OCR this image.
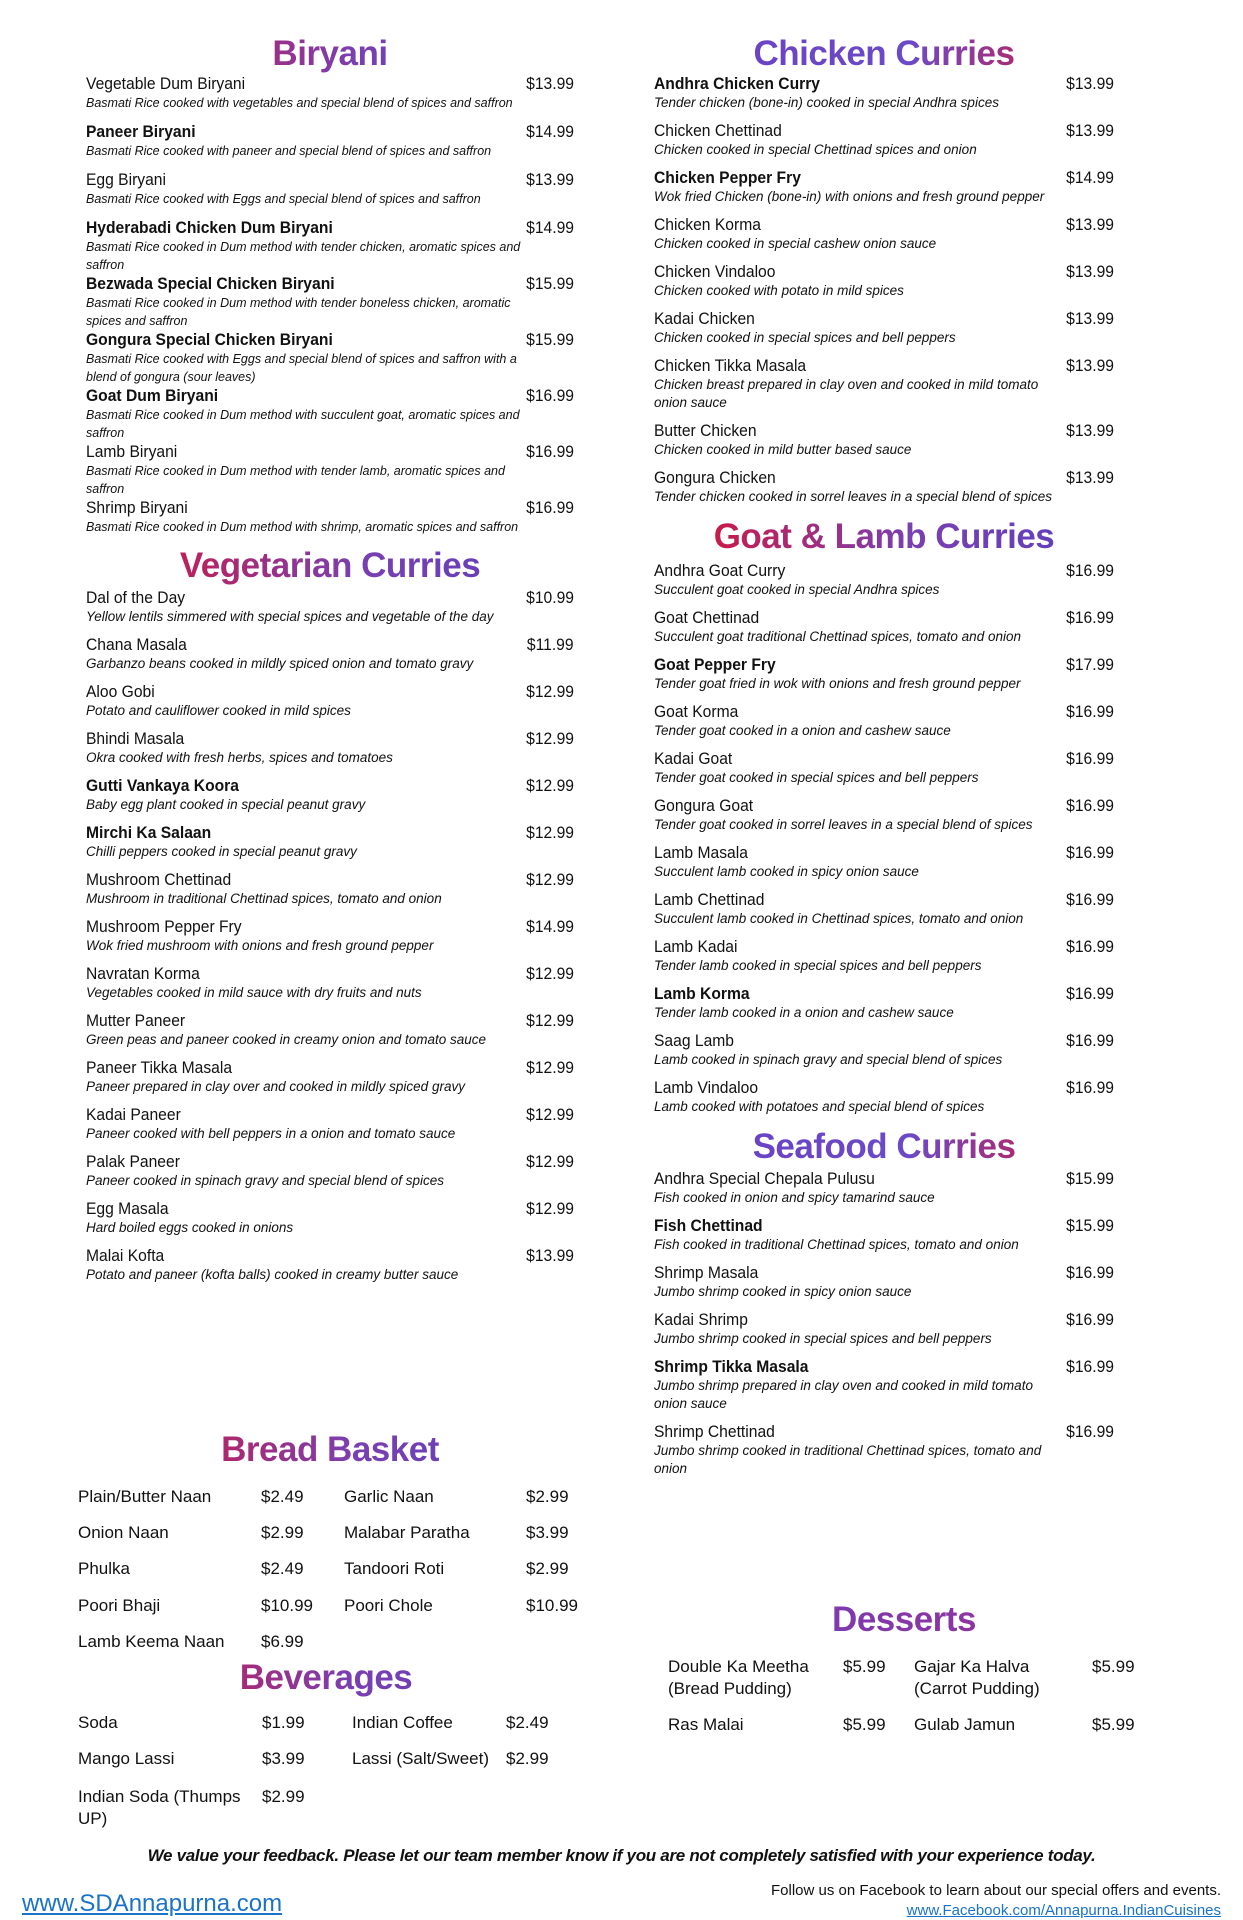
Biryani
Vegetable Dum Biryani
Basmati Rice cooked with vegetables and special blend of spices and saffron
$13.99
Paneer Biryani
Basmati Rice cooked with paneer and special blend of spices and saffron
$14.99
Egg Biryani
Basmati Rice cooked with Eggs and special blend of spices and saffron
$13.99
Hyderabadi Chicken Dum Biryani
Basmati Rice cooked in Dum method with tender chicken, aromatic spices and saffron
$14.99
Bezwada Special Chicken Biryani
Basmati Rice cooked in Dum method with tender boneless chicken, aromatic spices and saffron
$15.99
Gongura Special Chicken Biryani
Basmati Rice cooked with Eggs and special blend of spices and saffron with a blend of gongura (sour leaves)
$15.99
Goat Dum Biryani
Basmati Rice cooked in Dum method with succulent goat, aromatic spices and saffron
$16.99
Lamb Biryani
Basmati Rice cooked in Dum method with tender lamb, aromatic spices and saffron
$16.99
Shrimp Biryani
Basmati Rice cooked in Dum method with shrimp, aromatic spices and saffron
$16.99
Vegetarian Curries
Dal of the Day
Yellow lentils simmered with special spices and vegetable of the day
$10.99
Chana Masala
Garbanzo beans cooked in mildly spiced onion and tomato gravy
$11.99
Aloo Gobi
Potato and cauliflower cooked in mild spices
$12.99
Bhindi Masala
Okra cooked with fresh herbs, spices and tomatoes
$12.99
Gutti Vankaya Koora
Baby egg plant cooked in special peanut gravy
$12.99
Mirchi Ka Salaan
Chilli peppers cooked in special peanut gravy
$12.99
Mushroom Chettinad
Mushroom in traditional Chettinad spices, tomato and onion
$12.99
Mushroom Pepper Fry
Wok fried mushroom with onions and fresh ground pepper
$14.99
Navratan Korma
Vegetables cooked in mild sauce with dry fruits and nuts
$12.99
Mutter Paneer
Green peas and paneer cooked in creamy onion and tomato sauce
$12.99
Paneer Tikka Masala
Paneer prepared in clay over and cooked in mildly spiced gravy
$12.99
Kadai Paneer
Paneer cooked with bell peppers in a onion and tomato sauce
$12.99
Palak Paneer
Paneer cooked in spinach gravy and special blend of spices
$12.99
Egg Masala
Hard boiled eggs cooked in onions
$12.99
Malai Kofta
Potato and paneer (kofta balls) cooked in creamy butter sauce
$13.99
Bread Basket
Plain/Butter Naan	$2.49	Garlic Naan	$2.99
Onion Naan	$2.99	Malabar Paratha	$3.99
Phulka	$2.49	Tandoori Roti	$2.99
Poori Bhaji	$10.99	Poori Chole	$10.99
Lamb Keema Naan	$6.99
Beverages
Soda	$1.99	Indian Coffee	$2.49
Mango Lassi	$3.99	Lassi (Salt/Sweet)	$2.99
Indian Soda (Thumps UP)
$2.99
Chicken Curries
Andhra Chicken Curry
Tender chicken (bone-in) cooked in special Andhra spices
$13.99
Chicken Chettinad
Chicken cooked in special Chettinad spices and onion
$13.99
Chicken Pepper Fry
Wok fried Chicken (bone-in) with onions and fresh ground pepper
$14.99
Chicken Korma
Chicken cooked in special cashew onion sauce
$13.99
Chicken Vindaloo
Chicken cooked with potato in mild spices
$13.99
Kadai Chicken
Chicken cooked in special spices and bell peppers
$13.99
Chicken Tikka Masala
Chicken breast prepared in clay oven and cooked in mild tomato onion sauce
$13.99
Butter Chicken
Chicken cooked in mild butter based sauce
$13.99
Gongura Chicken
Tender chicken cooked in sorrel leaves in a special blend of spices
$13.99
Goat & Lamb Curries
Andhra Goat Curry
Succulent goat cooked in special Andhra spices
$16.99
Goat Chettinad
Succulent goat traditional Chettinad spices, tomato and onion
$16.99
Goat Pepper Fry
Tender goat fried in wok with onions and fresh ground pepper
$17.99
Goat Korma
Tender goat cooked in a onion and cashew sauce
$16.99
Kadai Goat
Tender goat cooked in special spices and bell peppers
$16.99
Gongura Goat
Tender goat cooked in sorrel leaves in a special blend of spices
$16.99
Lamb Masala
Succulent lamb cooked in spicy onion sauce
$16.99
Lamb Chettinad
Succulent lamb cooked in Chettinad spices, tomato and onion
$16.99
Lamb Kadai
Tender lamb cooked in special spices and bell peppers
$16.99
Lamb Korma
Tender lamb cooked in a onion and cashew sauce
$16.99
Saag Lamb
Lamb cooked in spinach gravy and special blend of spices
$16.99
Lamb Vindaloo
Lamb cooked with potatoes and special blend of spices
$16.99
Seafood Curries
Andhra Special Chepala Pulusu
Fish cooked in onion and spicy tamarind sauce
$15.99
Fish Chettinad
Fish cooked in traditional Chettinad spices, tomato and onion
$15.99
Shrimp Masala
Jumbo shrimp cooked in spicy onion sauce
$16.99
Kadai Shrimp
Jumbo shrimp cooked in special spices and bell peppers
$16.99
Shrimp Tikka Masala
Jumbo shrimp prepared in clay oven and cooked in mild tomato onion sauce
$16.99
Shrimp Chettinad
Jumbo shrimp cooked in traditional Chettinad spices, tomato and onion
$16.99
Desserts
Double Ka Meetha (Bread Pudding)
$5.99	Gajar Ka Halva (Carrot Pudding)
$5.99
Ras Malai	$5.99	Gulab Jamun	$5.99
We value your feedback. Please let our team member know if you are not completely satisfied with your experience today.
www.SDAnnapurna.com	Follow us on Facebook to learn about our special offers and events.
www.Facebook.com/Annapurna.IndianCuisines
